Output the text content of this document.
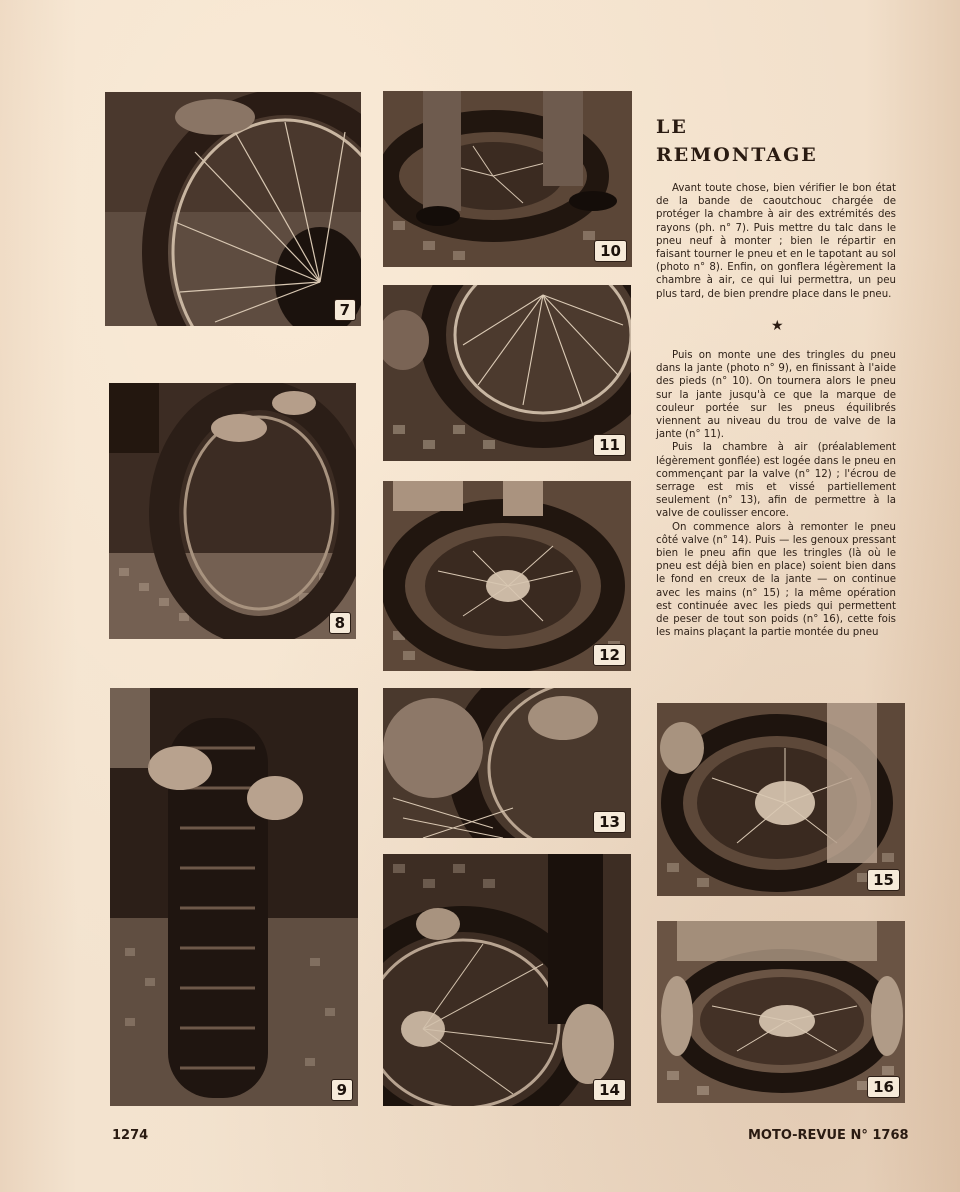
7
8
9
10
11
12
13
14
15
16
LE
REMONTAGE

Avant toute chose, bien vérifier le bon état de la bande de caoutchouc chargée de protéger la chambre à air des extrémités des rayons (ph. n° 7). Puis mettre du talc dans le pneu neuf à monter ; bien le répartir en faisant tourner le pneu et en le tapotant au sol (photo n° 8). Enfin, on gonflera légèrement la chambre à air, ce qui lui permettra, un peu plus tard, de bien prendre place dans le pneu.

★

Puis on monte une des tringles du pneu dans la jante (photo n° 9), en finissant à l'aide des pieds (n° 10). On tournera alors le pneu sur la jante jusqu'à ce que la marque de couleur portée sur les pneus équilibrés viennent au niveau du trou de valve de la jante (n° 11).

Puis la chambre à air (préalablement légèrement gonflée) est logée dans le pneu en commençant par la valve (n° 12) ; l'écrou de serrage est mis et vissé partiellement seulement (n° 13), afin de permettre à la valve de coulisser encore.

On commence alors à remonter le pneu côté valve (n° 14). Puis — les genoux pressant bien le pneu afin que les tringles (là où le pneu est déjà bien en place) soient bien dans le fond en creux de la jante — on continue avec les mains (n° 15) ; la même opération est continuée avec les pieds qui permettent de peser de tout son poids (n° 16), cette fois les mains plaçant la partie montée du pneu

1274	MOTO-REVUE N° 1768
